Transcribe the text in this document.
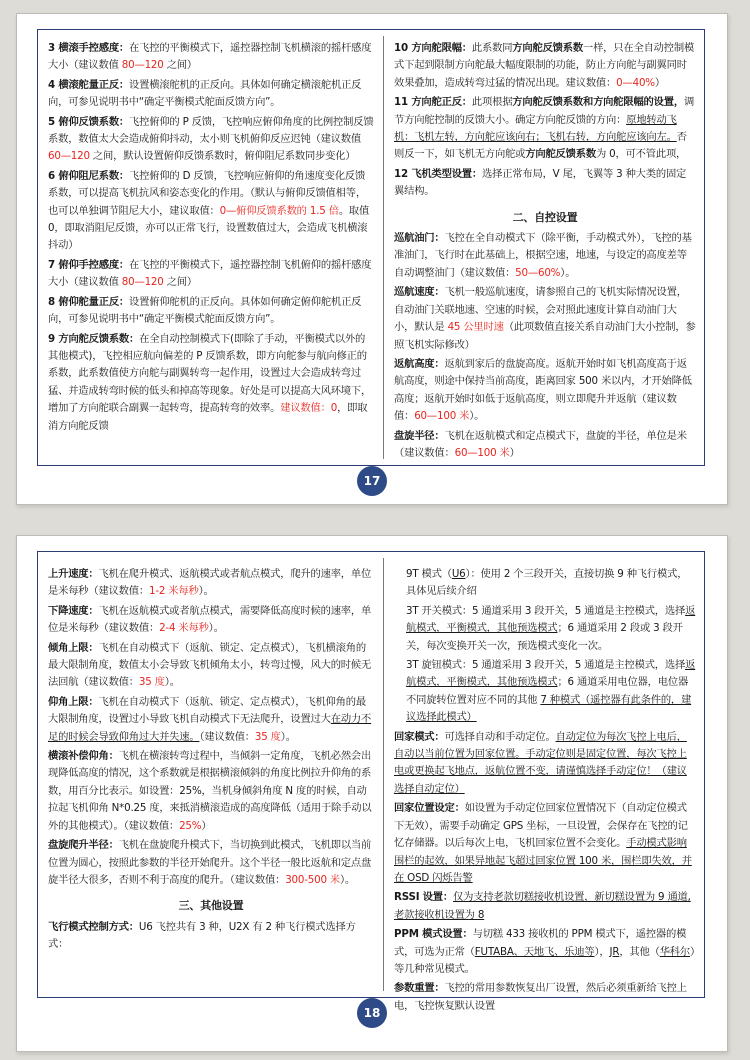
3 横滚手控感度：在飞控的平衡模式下，遥控器控制飞机横滚的摇杆感度大小（建议数值 80—120 之间）

4 横滚舵量正反：设置横滚舵机的正反向。具体如何确定横滚舵机正反向，可参见说明书中“确定平衡模式舵面反馈方向”。

5 俯仰反馈系数：飞控俯仰的 P 反馈，飞控响应俯仰角度的比例控制反馈系数，数值太大会造成俯仰抖动，太小则飞机俯仰反应迟钝（建议数值 60—120 之间，默认设置俯仰反馈系数时，俯仰阻尼系数同步变化）

6 俯仰阻尼系数：飞控俯仰的 D 反馈，飞控响应俯仰的角速度变化反馈系数，可以提高飞机抗风和姿态变化的作用。（默认与俯仰反馈值相等，也可以单独调节阻尼大小，建议取值：0—俯仰反馈系数的 1.5 倍。取值 0，即取消阻尼反馈，亦可以正常飞行，设置数值过大，会造成飞机横滚抖动）

7 俯仰手控感度：在飞控的平衡模式下，遥控器控制飞机俯仰的摇杆感度大小（建议数值 80—120 之间）

8 俯仰舵量正反：设置俯仰舵机的正反向。具体如何确定俯仰舵机正反向，可参见说明书中“确定平衡模式舵面反馈方向”。

9 方向舵反馈系数：在全自动控制模式下(即除了手动，平衡模式以外的其他模式)，飞控相应航向偏差的 P 反馈系数，即方向舵参与航向修正的系数，此系数值使方向舵与副翼转弯一起作用，设置过大会造成转弯过猛、并造成转弯时候的低头和掉高等现象。好处是可以提高大风环境下，增加了方向舵联合副翼一起转弯，提高转弯的效率。建议数值：0，即取消方向舵反馈

10 方向舵限幅：此系数同方向舵反馈系数一样，只在全自动控制模式下起到限制方向舵最大幅度限制的功能，防止方向舵与副翼同时效果叠加，造成转弯过猛的情况出现。建议数值：0—40%）

11 方向舵正反：此项根据方向舵反馈系数和方向舵限幅的设置，调节方向舵控制的反馈大小。确定方向舵反馈的方向：原地转动飞机：飞机左转，方向舵应该向右；飞机右转，方向舵应该向左。否则反一下，如飞机无方向舵或方向舵反馈系数为 0，可不管此项，

12 飞机类型设置：选择正常布局，V 尾，飞翼等 3 种大类的固定翼结构。

二、自控设置

巡航油门：飞控在全自动模式下（除平衡，手动模式外），飞控的基准油门，飞行时在此基础上，根据空速，地速，与设定的高度差等自动调整油门（建议数值：50—60%）。

巡航速度：飞机一般巡航速度，请参照自己的飞机实际情况设置，自动油门关联地速、空速的时候，会对照此速度计算自动油门大小，默认是 45 公里时速（此项数值直接关系自动油门大小控制，参照飞机实际修改）

返航高度：返航到家后的盘旋高度。返航开始时如飞机高度高于返航高度，则途中保持当前高度，距离回家 500 米以内，才开始降低高度；返航开始时如低于返航高度，则立即爬升并返航（建议数值：60—100 米）。

盘旋半径：飞机在返航模式和定点模式下，盘旋的半径，单位是米（建议数值：60—100 米）

17

上升速度：飞机在爬升模式、返航模式或者航点模式，爬升的速率，单位是米每秒（建议数值：1-2 米每秒）。

下降速度：飞机在返航模式或者航点模式，需要降低高度时候的速率，单位是米每秒（建议数值：2-4 米每秒）。

倾角上限：飞机在自动模式下（返航、锁定、定点模式），飞机横滚角的最大限制角度，数值太小会导致飞机倾角太小，转弯过慢，风大的时候无法回航（建议数值：35 度）。

仰角上限：飞机在自动模式下（返航、锁定、定点模式），飞机仰角的最大限制角度，设置过小导致飞机自动模式下无法爬升，设置过大在动力不足的时候会导致仰角过大并失速。（建议数值：35 度）。

横滚补偿仰角：飞机在横滚转弯过程中，当倾斜一定角度，飞机必然会出现降低高度的情况，这个系数就是根据横滚倾斜的角度比例拉升仰角的系数，用百分比表示。如设置：25%，当机身倾斜角度 N 度的时候，自动拉起飞机仰角 N*0.25 度，来抵消横滚造成的高度降低（适用于除手动以外的其他模式）。（建议数值：25%）

盘旋爬升半径：飞机在盘旋爬升模式下，当切换到此模式，飞机即以当前位置为圆心，按照此参数的半径开始爬升。这个半径一般比返航和定点盘旋半径大很多，否则不利于高度的爬升。（建议数值：300-500 米）。

三、其他设置

飞行模式控制方式：U6 飞控共有 3 种，U2X 有 2 种飞行模式选择方式：

9T 模式（U6）：使用 2 个三段开关，直接切换 9 种飞行模式，具体见后续介绍

3T 开关模式：5 通道采用 3 段开关，5 通道是主控模式，选择返航模式，平衡模式，其他预选模式；6 通道采用 2 段或 3 段开关，每次变换开关一次，预选模式变化一次。

3T 旋钮模式：5 通道采用 3 段开关，5 通道是主控模式，选择返航模式，平衡模式，其他预选模式；6 通道采用电位器，电位器不同旋转位置对应不同的其他 7 种模式（遥控器有此条件的，建议选择此模式）

回家模式：可选择自动和手动定位。自动定位为每次飞控上电后，自动以当前位置为回家位置。手动定位则是固定位置，每次飞控上电或更换起飞地点，返航位置不变，请谨慎选择手动定位！（建议选择自动定位）

回家位置设定：如设置为手动定位回家位置情况下（自动定位模式下无效），需要手动确定 GPS 坐标，一旦设置，会保存在飞控的记忆存储器。以后每次上电，飞机回家位置不会变化。手动模式影响围栏的起效，如果异地起飞超过回家位置 100 米，围栏即失效，并在 OSD 闪烁告警

RSSI 设置：仅为支持老款切糕接收机设置，新切糕设置为 9 通道,老款接收机设置为 8

PPM 模式设置：与切糕 433 接收机的 PPM 模式下，遥控器的模式，可选为正常（FUTABA、天地飞、乐迪等），JR，其他（华科尔）等几种常见模式。

参数重置：飞控的常用参数恢复出厂设置，然后必须重新给飞控上电，飞控恢复默认设置

18
